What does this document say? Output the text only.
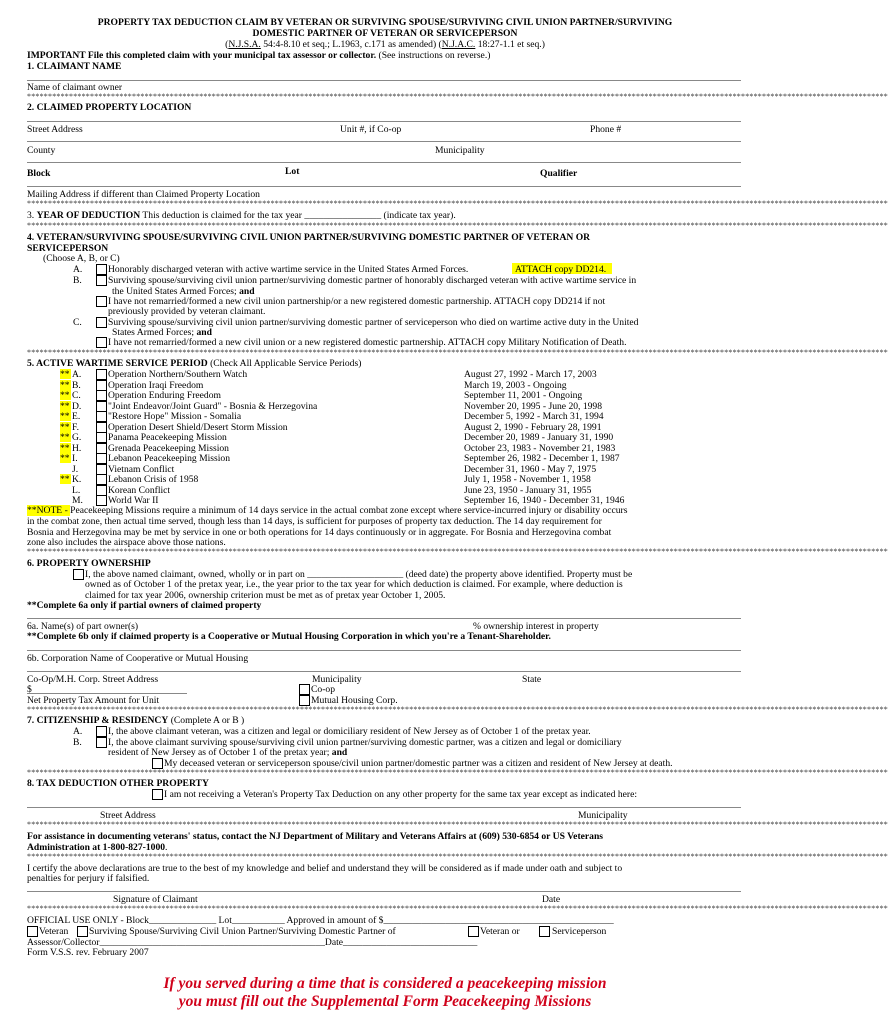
PROPERTY TAX DEDUCTION CLAIM BY VETERAN OR SURVIVING SPOUSE/SURVIVING CIVIL UNION PARTNER/SURVIVING
DOMESTIC PARTNER OF VETERAN OR SERVICEPERSON
(N.J.S.A. 54:4-8.10 et seq.; L.1963, c.171 as amended) (N.J.A.C. 18:27-1.1 et seq.)
IMPORTANT File this completed claim with your municipal tax assessor or collector. (See instructions on reverse.)
1. CLAIMANT NAME
Name of claimant owner
*************************************************************************************************************************************************************************************************************
2. CLAIMED PROPERTY LOCATION
Street Address	Unit #, if Co-op	Phone #
County	Municipality
Block	Lot	Qualifier
Mailing Address if different than Claimed Property Location
*************************************************************************************************************************************************************************************************************
3. YEAR OF DEDUCTION This deduction is claimed for the tax year ________________ (indicate tax year).
*************************************************************************************************************************************************************************************************************
4. VETERAN/SURVIVING SPOUSE/SURVIVING CIVIL UNION PARTNER/SURVIVING DOMESTIC PARTNER OF VETERAN OR
SERVICEPERSON
(Choose A, B, or C)
A.	Honorably discharged veteran with active wartime service in the United States Armed Forces.	ATTACH copy DD214.
B.	Surviving spouse/surviving civil union partner/surviving domestic partner of honorably discharged veteran with active wartime service in
the United States Armed Forces; and
I have not remarried/formed a new civil union partnership/or a new registered domestic partnership. ATTACH copy DD214 if not
previously provided by veteran claimant.
C.	Surviving spouse/surviving civil union partner/surviving domestic partner of serviceperson who died on wartime active duty in the United
States Armed Forces; and
I have not remarried/formed a new civil union or a new registered domestic partnership. ATTACH copy Military Notification of Death.
*************************************************************************************************************************************************************************************************************
5. ACTIVE WARTIME SERVICE PERIOD (Check All Applicable Service Periods)
** A.	Operation Northern/Southern Watch	August 27, 1992 - March 17, 2003
** B.	Operation Iraqi Freedom	March 19, 2003 - Ongoing
** C.	Operation Enduring Freedom	September 11, 2001 - Ongoing
** D.	"Joint Endeavor/Joint Guard" - Bosnia & Herzegovina	November 20, 1995 - June 20, 1998
** E.	"Restore Hope" Mission - Somalia	December 5, 1992 - March 31, 1994
** F.	Operation Desert Shield/Desert Storm Mission	August 2, 1990 - February 28, 1991
** G.	Panama Peacekeeping Mission	December 20, 1989 - January 31, 1990
** H.	Grenada Peacekeeping Mission	October 23, 1983 - November 21, 1983
** I.	Lebanon Peacekeeping Mission	September 26, 1982 - December 1, 1987
J.	Vietnam Conflict	December 31, 1960 - May 7, 1975
** K.	Lebanon Crisis of 1958	July 1, 1958 - November 1, 1958
L.	Korean Conflict	June 23, 1950 - January 31, 1955
M.	World War II	September 16, 1940 - December 31, 1946
**NOTE - Peacekeeping Missions require a minimum of 14 days service in the actual combat zone except where service-incurred injury or disability occurs
in the combat zone, then actual time served, though less than 14 days, is sufficient for purposes of property tax deduction. The 14 day requirement for
Bosnia and Herzegovina may be met by service in one or both operations for 14 days continuously or in aggregate. For Bosnia and Herzegovina combat
zone also includes the airspace above those nations.
*************************************************************************************************************************************************************************************************************
6. PROPERTY OWNERSHIP
I, the above named claimant, owned, wholly or in part on ____________________ (deed date) the property above identified. Property must be
owned as of October 1 of the pretax year, i.e., the year prior to the tax year for which deduction is claimed. For example, where deduction is
claimed for tax year 2006, ownership criterion must be met as of pretax year October 1, 2005.
**Complete 6a only if partial owners of claimed property
6a. Name(s) of part owner(s)	% ownership interest in property
**Complete 6b only if claimed property is a Cooperative or Mutual Housing Corporation in which you're a Tenant-Shareholder.
6b. Corporation Name of Cooperative or Mutual Housing
Co-Op/M.H. Corp. Street Address	Municipality	State
$	Co-op
Net Property Tax Amount for Unit	Mutual Housing Corp.
*************************************************************************************************************************************************************************************************************
7. CITIZENSHIP & RESIDENCY (Complete A or B )
A.	I, the above claimant veteran, was a citizen and legal or domiciliary resident of New Jersey as of October 1 of the pretax year.
B.	I, the above claimant surviving spouse/surviving civil union partner/surviving domestic partner, was a citizen and legal or domiciliary
resident of New Jersey as of October 1 of the pretax year; and
My deceased veteran or serviceperson spouse/civil union partner/domestic partner was a citizen and resident of New Jersey at death.
*************************************************************************************************************************************************************************************************************
8. TAX DEDUCTION OTHER PROPERTY
I am not receiving a Veteran's Property Tax Deduction on any other property for the same tax year except as indicated here:
Street Address	Municipality
*************************************************************************************************************************************************************************************************************
For assistance in documenting veterans' status, contact the NJ Department of Military and Veterans Affairs at (609) 530-6854 or US Veterans
Administration at 1-800-827-1000.
*************************************************************************************************************************************************************************************************************
I certify the above declarations are true to the best of my knowledge and belief and understand they will be considered as if made under oath and subject to
penalties for perjury if falsified.
Signature of Claimant	Date
*************************************************************************************************************************************************************************************************************
OFFICIAL USE ONLY - Block______________ Lot___________ Approved in amount of $________________________________________________
Veteran Surviving Spouse/Surviving Civil Union Partner/Surviving Domestic Partner of	Veteran or	Serviceperson
Assessor/Collector_______________________________________________Date____________________________
Form V.S.S. rev. February 2007
If you served during a time that is considered a peacekeeping mission
you must fill out the Supplemental Form Peacekeeping Missions
